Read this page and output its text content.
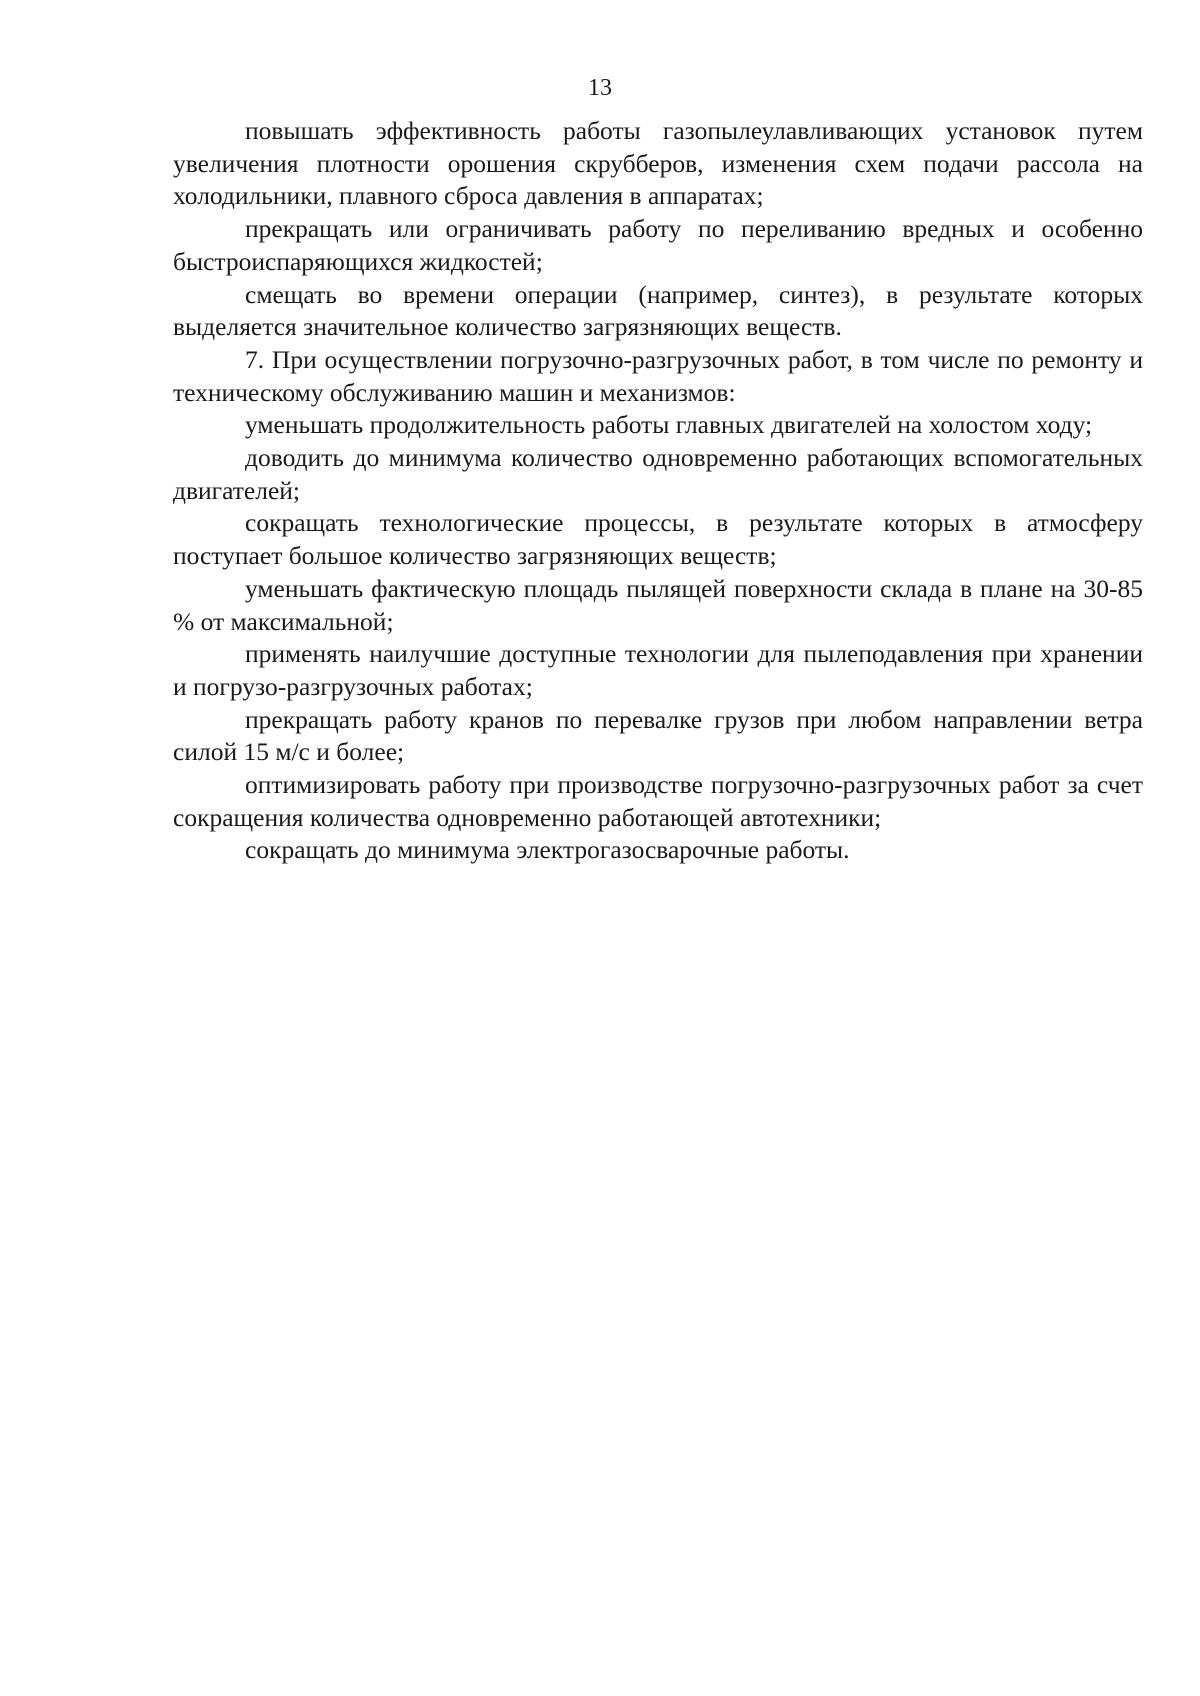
13

повышать эффективность работы газопылеулавливающих установок путем увеличения плотности орошения скрубберов, изменения схем подачи рассола на холодильники, плавного сброса давления в аппаратах;

прекращать или ограничивать работу по переливанию вредных и особенно быстроиспаряющихся жидкостей;

смещать во времени операции (например, синтез), в результате которых выделяется значительное количество загрязняющих веществ.

7. При осуществлении погрузочно-разгрузочных работ, в том числе по ремонту и техническому обслуживанию машин и механизмов:

уменьшать продолжительность работы главных двигателей на холостом ходу;

доводить до минимума количество одновременно работающих вспомогательных двигателей;

сокращать технологические процессы, в результате которых в атмосферу поступает большое количество загрязняющих веществ;

уменьшать фактическую площадь пылящей поверхности склада в плане на 30-85 % от максимальной;

применять наилучшие доступные технологии для пылеподавления при хранении и погрузо-разгрузочных работах;

прекращать работу кранов по перевалке грузов при любом направлении ветра силой 15 м/с и более;

оптимизировать работу при производстве погрузочно-разгрузочных работ за счет сокращения количества одновременно работающей автотехники;

сокращать до минимума электрогазосварочные работы.
